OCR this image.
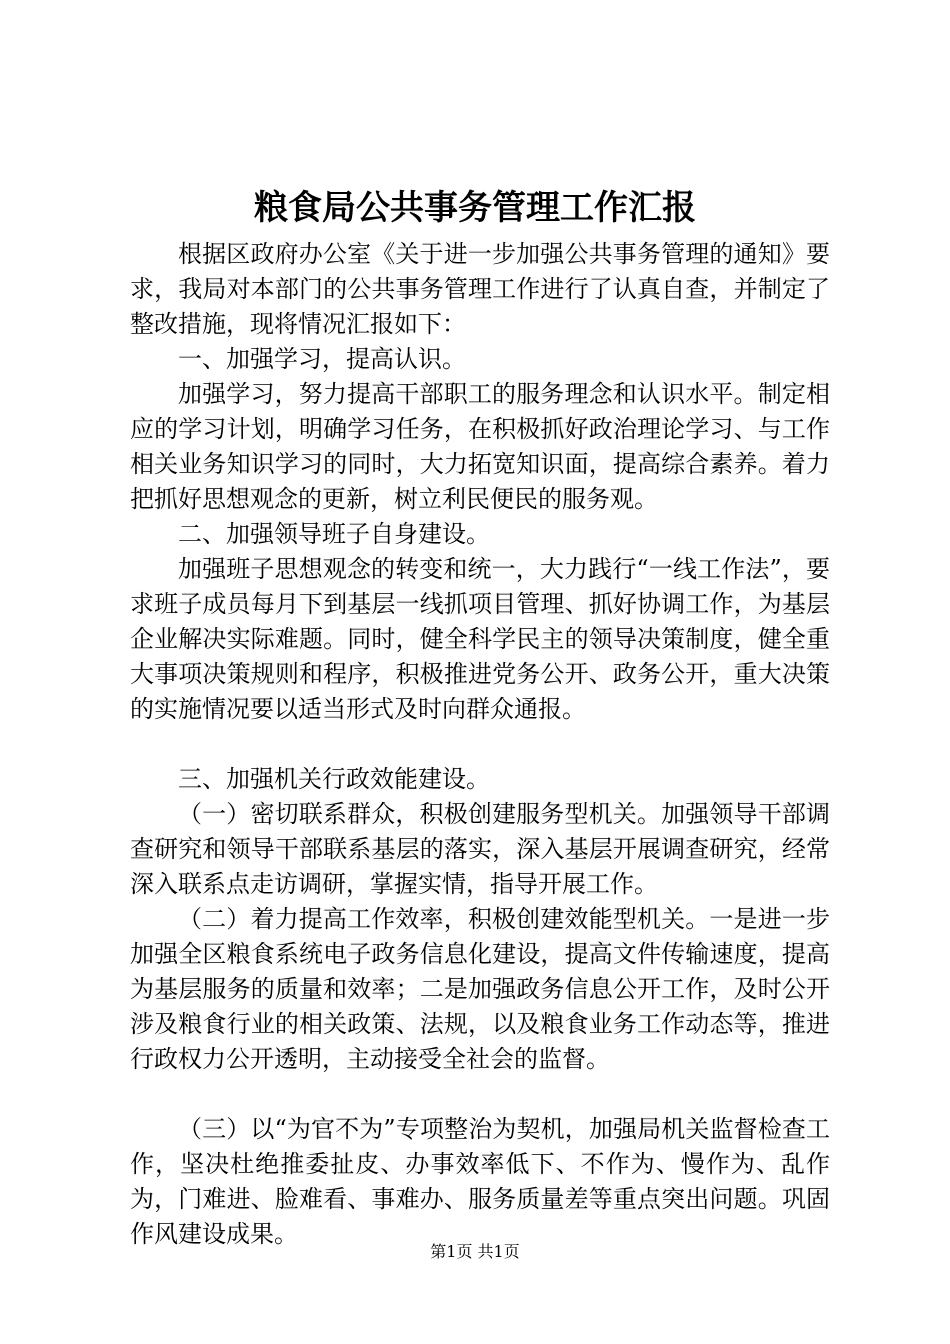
粮食局公共事务管理工作汇报

根据区政府办公室《关于进一步加强公共事务管理的通知》要求，我局对本部门的公共事务管理工作进行了认真自查，并制定了整改措施，现将情况汇报如下：

一、加强学习，提高认识。

加强学习，努力提高干部职工的服务理念和认识水平。制定相应的学习计划，明确学习任务，在积极抓好政治理论学习、与工作相关业务知识学习的同时，大力拓宽知识面，提高综合素养。着力把抓好思想观念的更新，树立利民便民的服务观。

二、加强领导班子自身建设。

加强班子思想观念的转变和统一，大力践行“一线工作法”，要求班子成员每月下到基层一线抓项目管理、抓好协调工作，为基层企业解决实际难题。同时，健全科学民主的领导决策制度，健全重大事项决策规则和程序，积极推进党务公开、政务公开，重大决策的实施情况要以适当形式及时向群众通报。

三、加强机关行政效能建设。

（一）密切联系群众，积极创建服务型机关。加强领导干部调查研究和领导干部联系基层的落实，深入基层开展调查研究，经常深入联系点走访调研，掌握实情，指导开展工作。

（二）着力提高工作效率，积极创建效能型机关。一是进一步加强全区粮食系统电子政务信息化建设，提高文件传输速度，提高为基层服务的质量和效率；二是加强政务信息公开工作，及时公开涉及粮食行业的相关政策、法规，以及粮食业务工作动态等，推进行政权力公开透明，主动接受全社会的监督。

（三）以“为官不为”专项整治为契机，加强局机关监督检查工作，坚决杜绝推委扯皮、办事效率低下、不作为、慢作为、乱作为，门难进、脸难看、事难办、服务质量差等重点突出问题。巩固作风建设成果。

第1页 共1页
